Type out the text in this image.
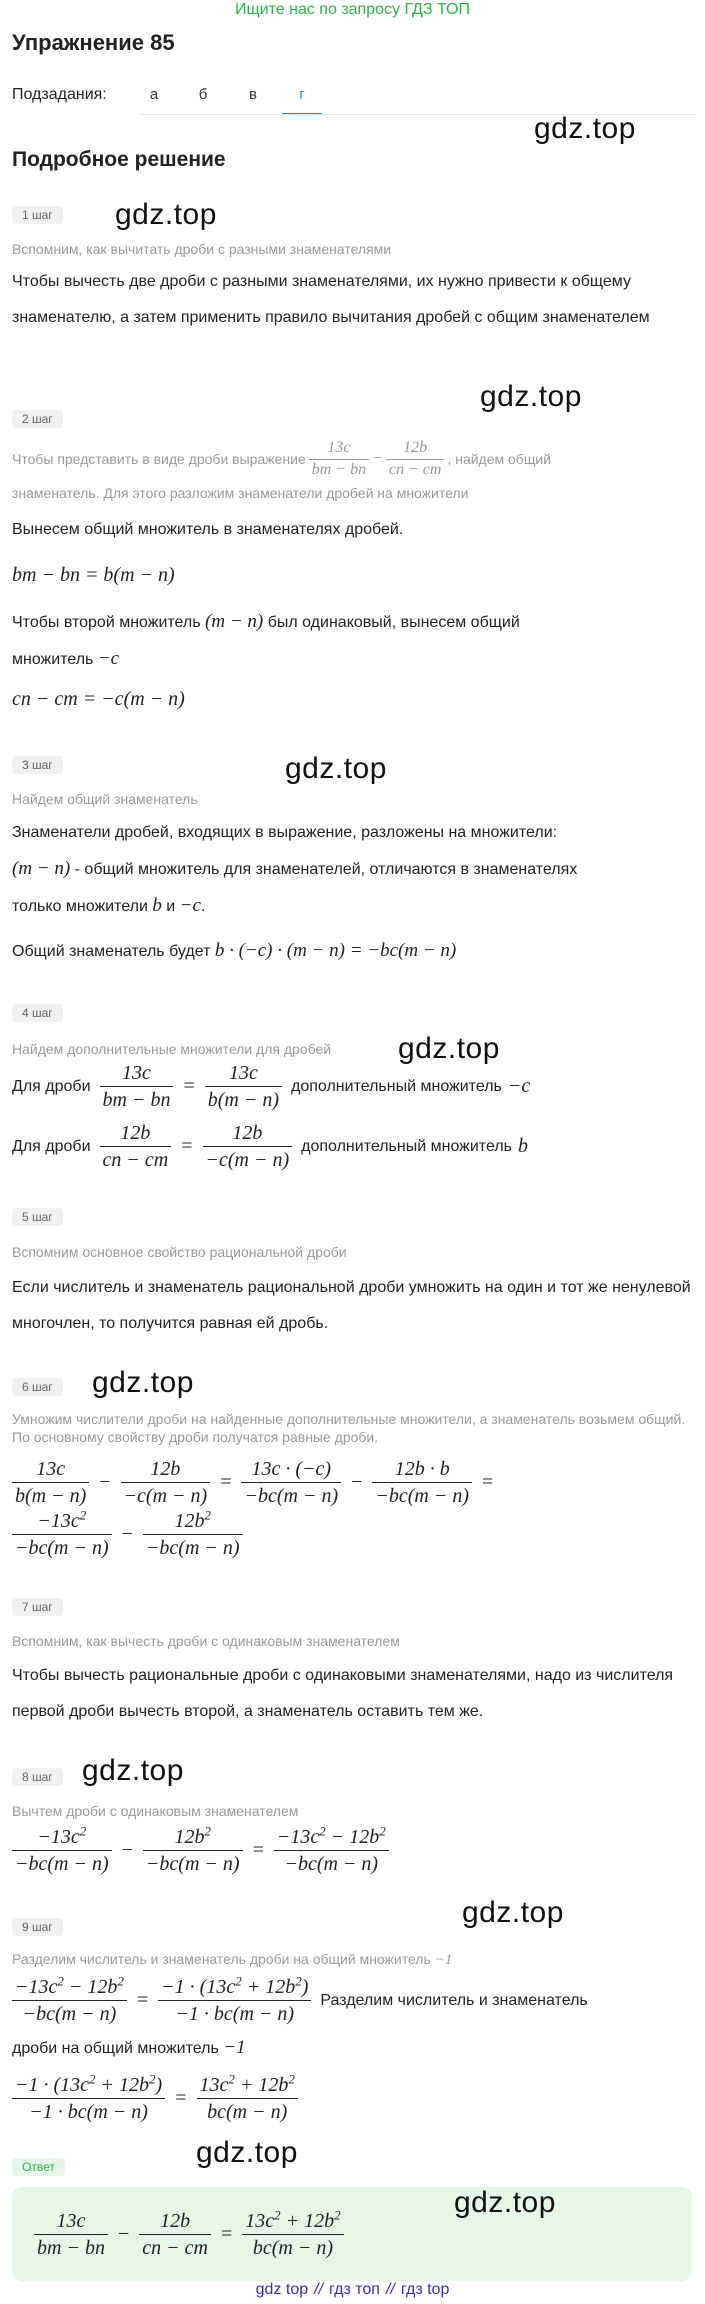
Ищите нас по запросу ГДЗ ТОП
Упражнение 85
Подзадания:	а	б	в	г
gdz.top
Подробное решение
1 шаг	gdz.top
Вспомним, как вычитать дроби с разными знаменателями
Чтобы вычесть две дроби с разными знаменателями, их нужно привести к общему знаменателю, а затем применить правило вычитания дробей с общим знаменателем
2 шаг
gdz.top
Чтобы представить в виде дроби выражение
13c
bm − bn
− $\frac{12b}{cn - cm}$ , найдем общий
знаменатель. Для этого разложим знаменатели дробей на множители
Вынесем общий множитель в знаменателях дробей.
bm − bn = b(m − n)
Чтобы второй множитель (m − n) был одинаковый, вынесем общий
множитель −c
cn − cm = −c(m − n)
3 шаг	gdz.top
Найдем общий знаменатель
Знаменатели дробей, входящих в выражение, разложены на множители:
(m − n) - общий множитель для знаменателей, отличаются в знаменателях
только множители b и −c.
Общий знаменатель будет b · (−c) · (m − n) = −bc(m − n)
4 шаг
Найдем дополнительные множители для дробей	gdz.top
Для дроби $\frac{13c}{bm - bn} = \frac{13c}{b(m - n)}$ дополнительный множитель −c
Для дроби $\frac{12b}{cn - cm} = \frac{12b}{-c(m - n)}$ дополнительный множитель b
5 шаг
Вспомним основное свойство рациональной дроби
Если числитель и знаменатель рациональной дроби умножить на один и тот же ненулевой многочлен, то получится равная ей дробь.
6 шаг	gdz.top
Умножим числители дроби на найденные дополнительные множители, а знаменатель возьмем общий. По основному свойству дроби получатся равные дроби.
13c
b(m − n)
− $\frac{12b}{-c(m - n)} = \frac{13c \cdot (-c)}{-bc(m - n)} - \frac{12b \cdot b}{-bc(m - n)}$ =
$-13c^2$
−bc(m − n)
− $\frac{12b^2}{-bc(m - n)}$
7 шаг
Вспомним, как вычесть дроби с одинаковым знаменателем
Чтобы вычесть рациональные дроби с одинаковыми знаменателями, надо из числителя первой дроби вычесть второй, а знаменатель оставить тем же.
8 шаг gdz.top
Вычтем дроби с одинаковым знаменателем
$-13c^2$
−bc(m − n)
− $\frac{12b^2}{-bc(m - n)} = \frac{-13c^2 - 12b^2}{-bc(m - n)}$
9 шаг	gdz.top
Разделим числитель и знаменатель дроби на общий множитель −1
$\frac{-13c^2 - 12b^2}{-bc(m - n)} = \frac{-1 \cdot (13c^2 + 12b^2)}{-1 \cdot bc(m - n)}$ Разделим числитель и знаменатель
дроби на общий множитель −1
$\frac{-1 \cdot (13c^2 + 12b^2)}{-1 \cdot bc(m - n)} = \frac{13c^2 + 12b^2}{bc(m - n)}$
Ответ	gdz.top
gdz.top
13c
bm − bn
− $\frac{12b}{cn - cm} = \frac{13c^2 + 12b^2}{bc(m - n)}$
gdz top // гдз топ // гдз top
